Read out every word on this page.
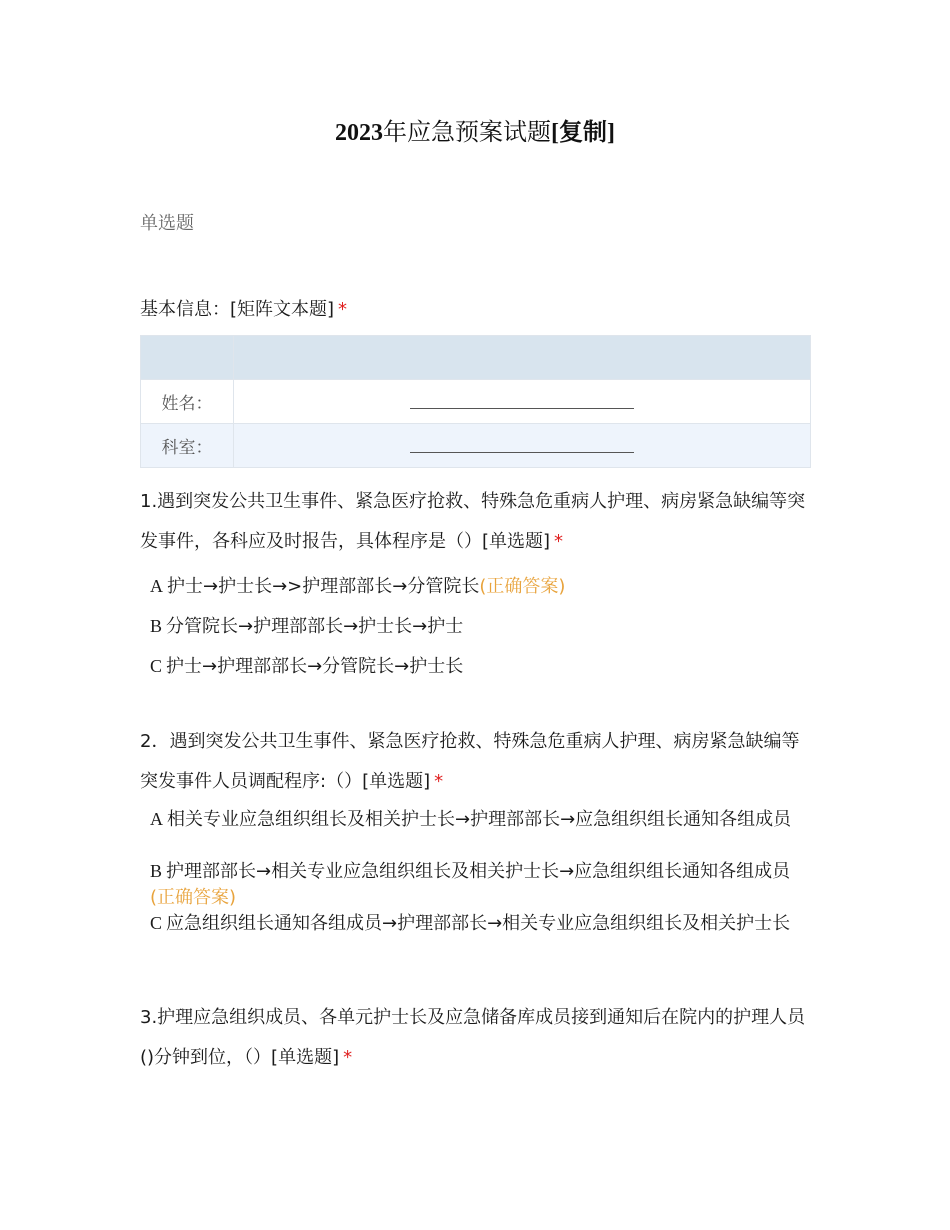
2023年应急预案试题[复制]
单选题
基本信息：[矩阵文本题] *

姓名：	
科室：	
1.遇到突发公共卫生事件、紧急医疗抢救、特殊急危重病人护理、病房紧急缺编等突发事件，各科应及时报告，具体程序是（）[单选题] *
A 护士→护士长→>护理部部长→分管院长(正确答案)
B 分管院长→护理部部长→护士长→护士
C 护士→护理部部长→分管院长→护士长
2．遇到突发公共卫生事件、紧急医疗抢救、特殊急危重病人护理、病房紧急缺编等突发事件人员调配程序:（）[单选题] *
A 相关专业应急组织组长及相关护士长→护理部部长→应急组织组长通知各组成员
B 护理部部长→相关专业应急组织组长及相关护士长→应急组织组长通知各组成员(正确答案)
C 应急组织组长通知各组成员→护理部部长→相关专业应急组织组长及相关护士长
3.护理应急组织成员、各单元护士长及应急储备库成员接到通知后在院内的护理人员()分钟到位，（）[单选题] *
